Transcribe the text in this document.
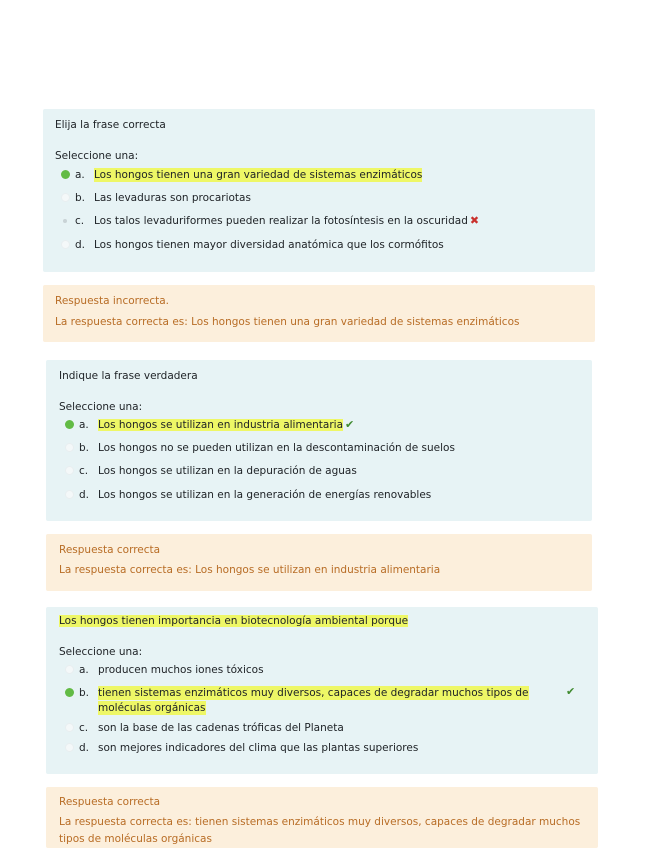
Elija la frase correcta
Seleccione una:
a. Los hongos tienen una gran variedad de sistemas enzimáticos
b. Las levaduras son procariotas
c. Los talos levaduriformes pueden realizar la fotosíntesis en la oscuridad ✖
d. Los hongos tienen mayor diversidad anatómica que los cormófitos
Respuesta incorrecta.
La respuesta correcta es: Los hongos tienen una gran variedad de sistemas enzimáticos
Indique la frase verdadera
Seleccione una:
a. Los hongos se utilizan en industria alimentaria ✔
b. Los hongos no se pueden utilizan en la descontaminación de suelos
c. Los hongos se utilizan en la depuración de aguas
d. Los hongos se utilizan en la generación de energías renovables
Respuesta correcta
La respuesta correcta es: Los hongos se utilizan en industria alimentaria
Los hongos tienen importancia en biotecnología ambiental porque
Seleccione una:
a. producen muchos iones tóxicos
b. tienen sistemas enzimáticos muy diversos, capaces de degradar muchos tipos de
moléculas orgánicas
✔
c. son la base de las cadenas tróficas del Planeta
d. son mejores indicadores del clima que las plantas superiores
Respuesta correcta
La respuesta correcta es: tienen sistemas enzimáticos muy diversos, capaces de degradar muchos tipos de moléculas orgánicas
